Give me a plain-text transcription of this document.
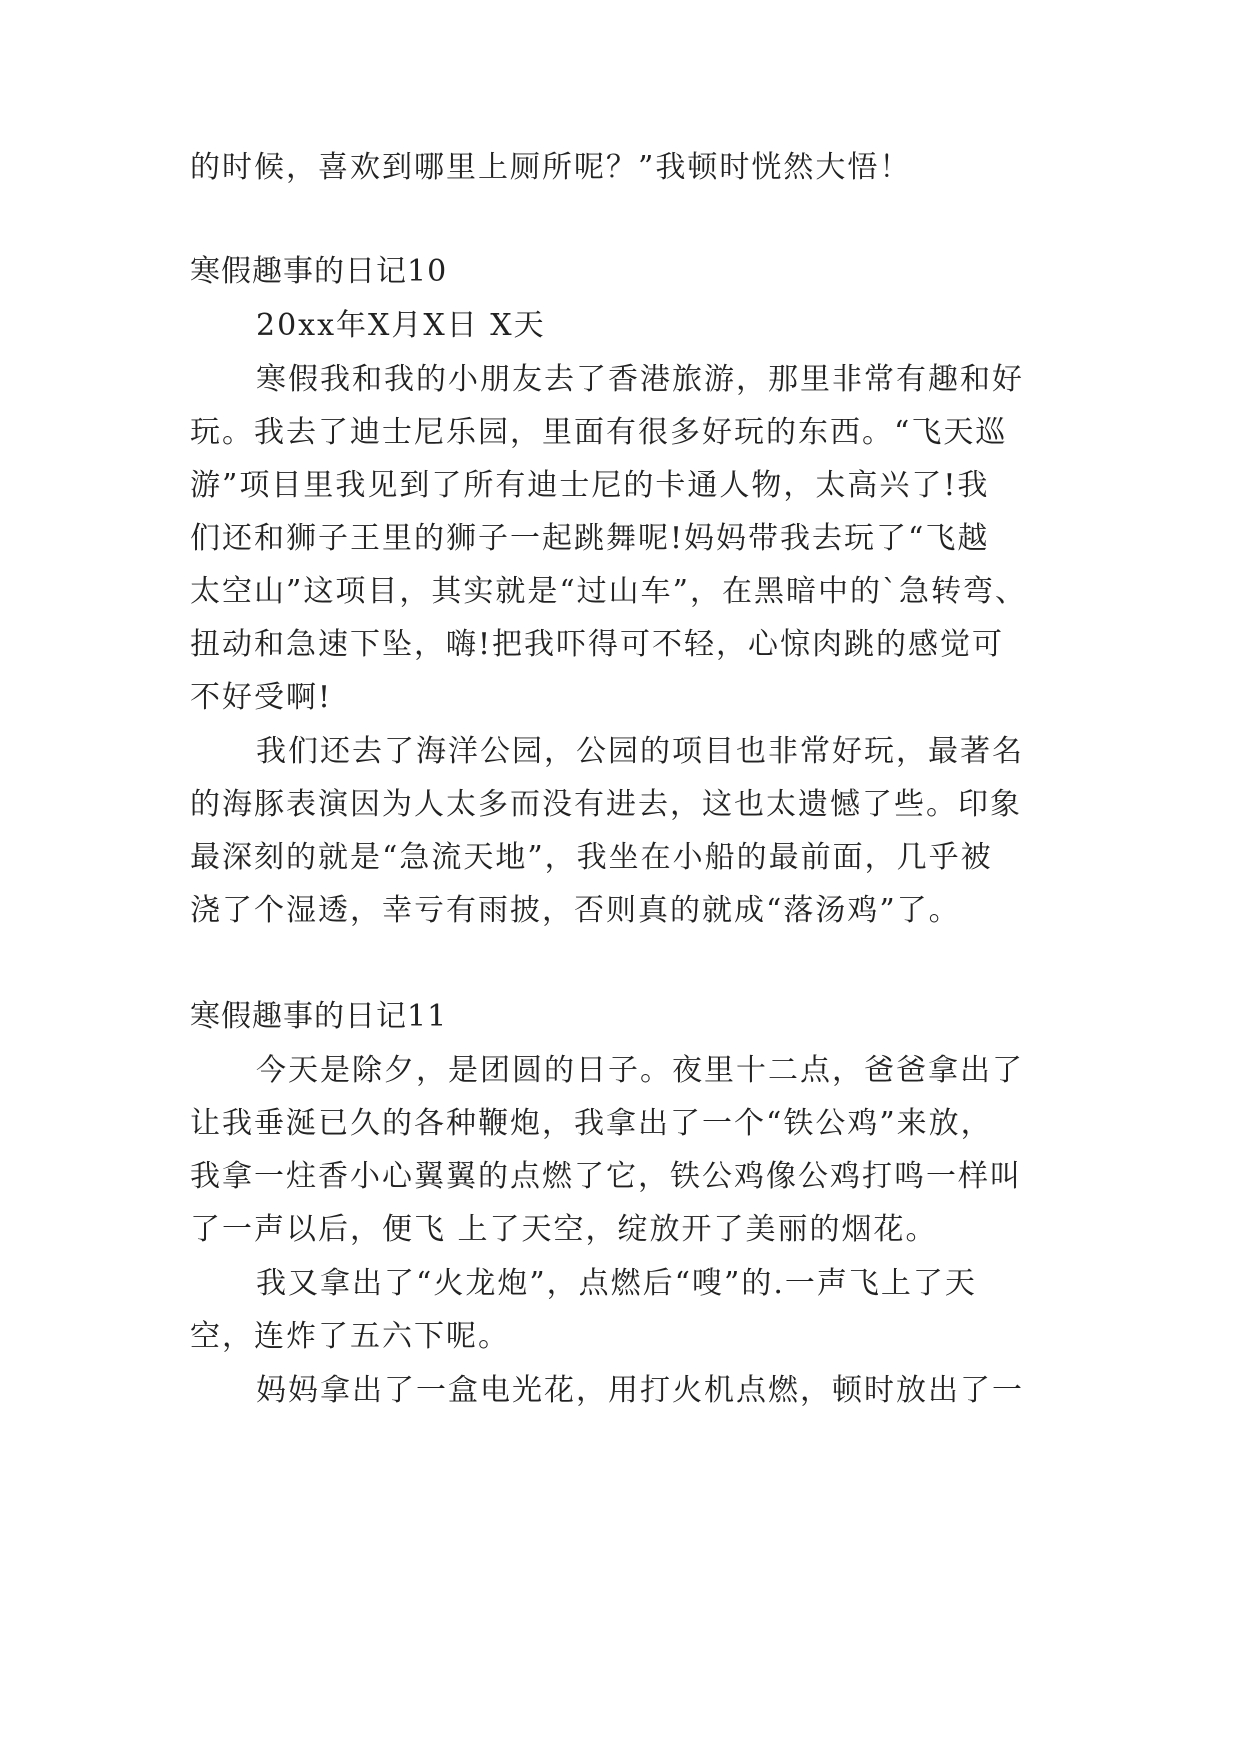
的时候，喜欢到哪里上厕所呢？”我顿时恍然大悟！
寒假趣事的日记10
20xx年X月X日 X天
寒假我和我的小朋友去了香港旅游，那里非常有趣和好
玩。我去了迪士尼乐园，里面有很多好玩的东西。“飞天巡
游”项目里我见到了所有迪士尼的卡通人物，太高兴了!我
们还和狮子王里的狮子一起跳舞呢!妈妈带我去玩了“飞越
太空山”这项目，其实就是“过山车”，在黑暗中的`急转弯、
扭动和急速下坠，嗨!把我吓得可不轻，心惊肉跳的感觉可
不好受啊!
我们还去了海洋公园，公园的项目也非常好玩，最著名
的海豚表演因为人太多而没有进去，这也太遗憾了些。印象
最深刻的就是“急流天地”，我坐在小船的最前面，几乎被
浇了个湿透，幸亏有雨披，否则真的就成“落汤鸡”了。
寒假趣事的日记11
今天是除夕，是团圆的日子。夜里十二点，爸爸拿出了
让我垂涎已久的各种鞭炮，我拿出了一个“铁公鸡”来放，
我拿一炷香小心翼翼的点燃了它，铁公鸡像公鸡打鸣一样叫
了一声以后，便飞 上了天空，绽放开了美丽的烟花。
我又拿出了“火龙炮”，点燃后“嗖”的.一声飞上了天
空，连炸了五六下呢。
妈妈拿出了一盒电光花，用打火机点燃，顿时放出了一
